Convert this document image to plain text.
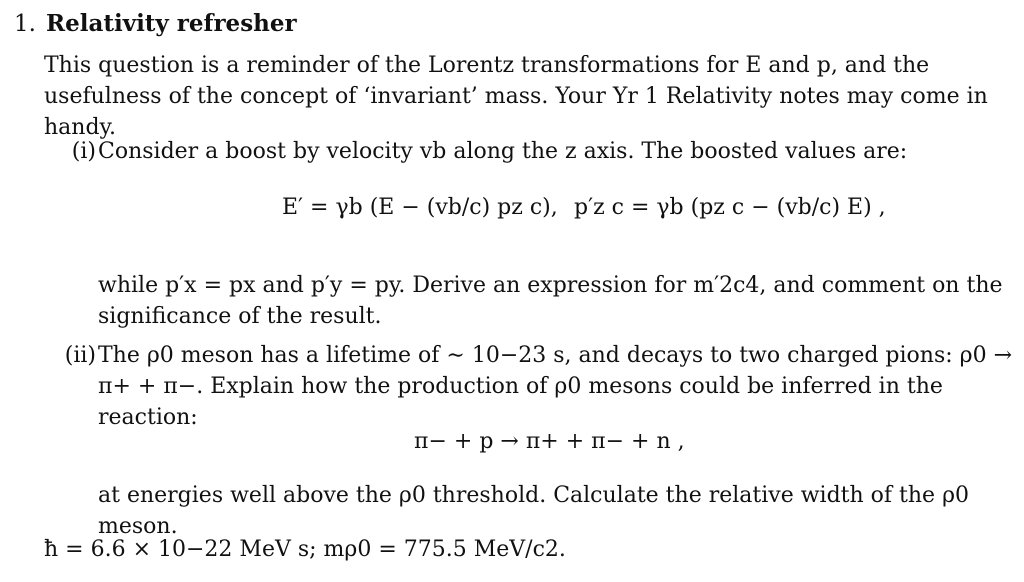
1. Relativity refresher
This question is a reminder of the Lorentz transformations for E and p, and the usefulness of the concept of ‘invariant’ mass. Your Yr 1 Relativity notes may come in handy.
(i) Consider a boost by velocity vb along the z axis. The boosted values are:
E′ = γb (E − (vb/c) pz c), p′z c = γb (pz c − (vb/c) E) ,
while p′x = px and p′y = py. Derive an expression for m′2c4, and comment on the significance of the result.
(ii) The ρ0 meson has a lifetime of ∼ 10−23 s, and decays to two charged pions: ρ0 → π+ + π−. Explain how the production of ρ0 mesons could be inferred in the reaction:
π− + p → π+ + π− + n ,
at energies well above the ρ0 threshold. Calculate the relative width of the ρ0 meson.
ħ = 6.6 × 10−22 MeV s; mρ0 = 775.5 MeV/c2.
